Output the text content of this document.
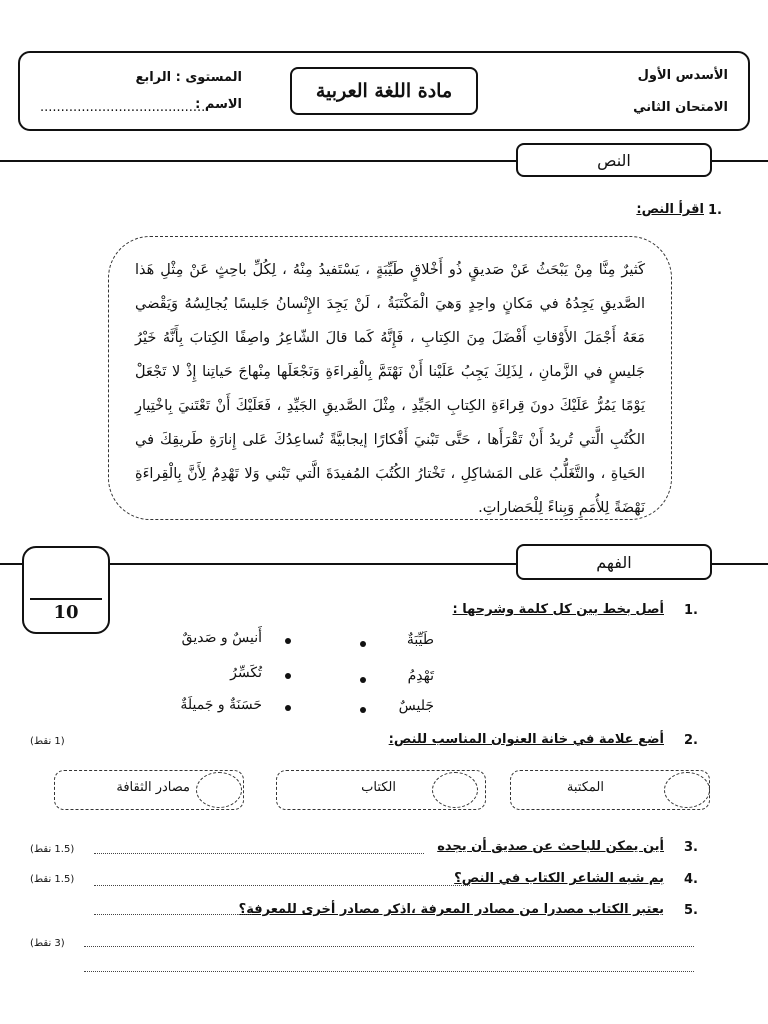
الأسدس الأول
الامتحان الثاني
مادة اللغة العربية
المستوى : الرابع
الاسم :
.........................................
النص
1.
اقرأ النص:

كَثيرٌ مِنَّا مِنْ يَبْحَثُ عَنْ صَديقٍ ذُو أَخْلاقٍ طَيِّبَةٍ ، يَسْتَفيدُ مِنْهُ ، لِكُلِّ باحِثٍ عَنْ مِثْلِ هَذا الصَّديقِ يَجِدُهُ في مَكانٍ واحِدٍ وَهيَ الْمَكْتَبَةُ ، لَنْ يَجِدَ الإِنْسانُ جَليسًا يُجالِسُهُ وَيَقْضي مَعَهُ أَجْمَلَ الأَوْقاتِ أَفْضَلَ مِنَ الكِتابِ ، فَإِنَّهُ كَما قالَ الشّاعِرُ واصِفًا الكِتابَ بِأَنَّهُ خَيْرُ جَليسٍ في الزَّمانِ ، لِذَلِكَ يَجِبُ عَلَيْنا أَنْ نَهْتَمَّ بِالْقِراءَةِ وَنَجْعَلَها مِنْهاجَ حَياتِنا إِذْ لا تَجْعَلْ يَوْمًا يَمُرُّ عَلَيْكَ دونَ قِراءَةِ الكِتابِ الجَيِّدِ ، مِثْلَ الصَّديقِ الجَيِّدِ ، فَعَلَيْكَ أَنْ تَعْتَنيَ بِاخْتِيارِ الكُتُبِ الَّتي تُريدُ أَنْ تَقْرَأَها ، حَتَّى تَبْنيَ أَفْكارًا إيجابيَّةً تُساعِدُكَ عَلى إِنارَةِ طَريقِكَ في الحَياةِ ، والتَّغَلُّبُ عَلى المَشاكِلِ ، تَخْتارُ الكُتُبَ المُفيدَةَ الَّتي تَبْني وَلا تَهْدِمُ لِأَنَّ بِالْقِراءَةِ نَهْضَةً لِلأُمَمِ وَبِناءً لِلْحَضاراتِ.

الفهم
10	1.
أصل بخط بين كل كلمة وشرحها :
طَيِّبَةٌ
تَهْدِمُ
جَليسٌ
أَنيسٌ و صَديقٌ
تُكَسِّرُ
حَسَنَةٌ و جَميلَةٌ
2.
أضع علامة في خانة العنوان المناسب للنص:
(1 نقط)
المكتبة
الكتاب
مصادر الثقافة
3.
أين يمكن للباحث عن صديق أن يجده
(1.5 نقط)
4.
بم شبه الشاعر الكتاب في النص؟
(1.5 نقط)
5.
يعتبر الكتاب مصدرا من مصادر المعرفة ،اذكر مصادر أخرى للمعرفة؟
(3 نقط)
